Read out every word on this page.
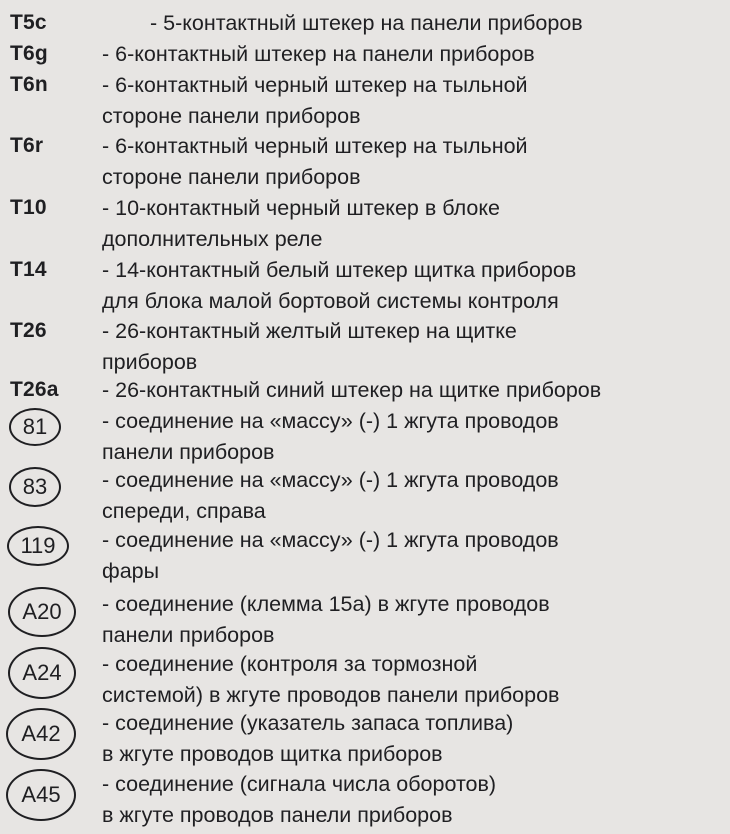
T5c	- 5-контактный штекер на панели приборов
T6g	- 6-контактный штекер на панели приборов
T6n	- 6-контактный черный штекер на тыльной
стороне панели приборов
T6r	- 6-контактный черный штекер на тыльной
стороне панели приборов
T10	- 10-контактный черный штекер в блоке
дополнительных реле
T14	- 14-контактный белый штекер щитка приборов
для блока малой бортовой системы контроля
T26	- 26-контактный желтый штекер на щитке
приборов
T26a - 26-контактный синий штекер на щитке приборов
81	- соединение на «массу» (-) 1 жгута проводов
панели приборов
83	- соединение на «массу» (-) 1 жгута проводов
спереди, справа
119	- соединение на «массу» (-) 1 жгута проводов
фары
A20	- соединение (клемма 15а) в жгуте проводов
панели приборов
A24	- соединение (контроля за тормозной
системой) в жгуте проводов панели приборов
A42	- соединение (указатель запаса топлива)
в жгуте проводов щитка приборов
A45	- соединение (сигнала числа оборотов)
в жгуте проводов панели приборов
